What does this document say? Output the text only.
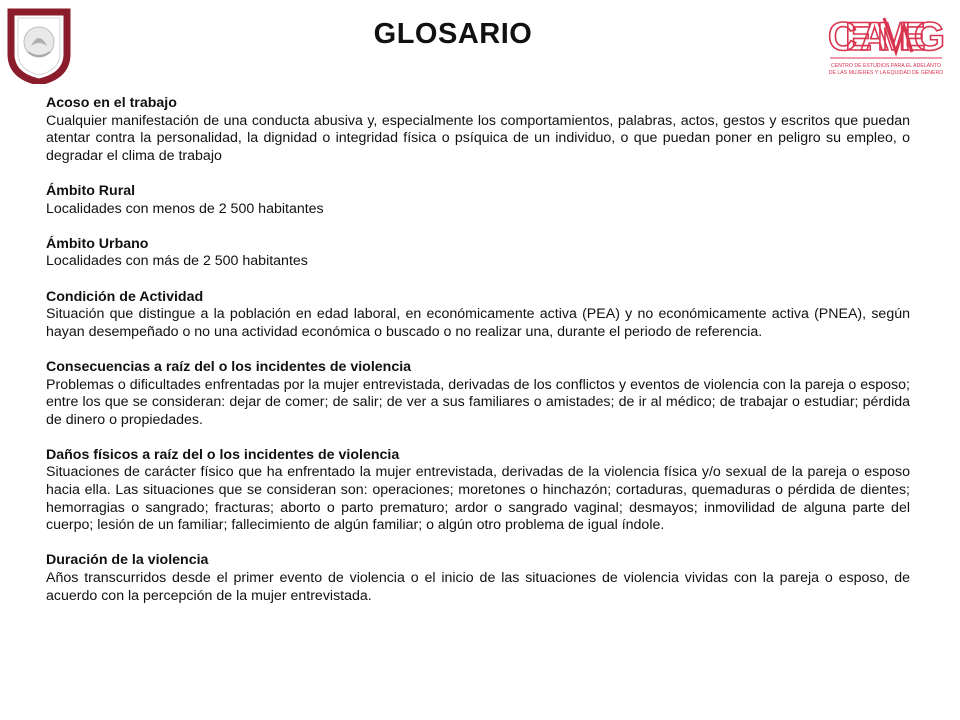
GLOSARIO	CEAMEG
CENTRO DE ESTUDIOS PARA EL ADELANTO
DE LAS MUJERES Y LA EQUIDAD DE GÉNERO
Acoso en el trabajo
Cualquier manifestación de una conducta abusiva y, especialmente los comportamientos, palabras, actos, gestos y escritos que puedan atentar contra la personalidad, la dignidad o integridad física o psíquica de un individuo, o que puedan poner en peligro su empleo, o degradar el clima de trabajo
Ámbito Rural
Localidades con menos de 2 500 habitantes
Ámbito Urbano
Localidades con más de 2 500 habitantes
Condición de Actividad
Situación que distingue a la población en edad laboral, en económicamente activa (PEA) y no económicamente activa (PNEA), según hayan desempeñado o no una actividad económica o buscado o no realizar una, durante el periodo de referencia.
Consecuencias a raíz del o los incidentes de violencia
Problemas o dificultades enfrentadas por la mujer entrevistada, derivadas de los conflictos y eventos de violencia con la pareja o esposo; entre los que se consideran: dejar de comer; de salir; de ver a sus familiares o amistades; de ir al médico; de trabajar o estudiar; pérdida de dinero o propiedades.
Daños físicos a raíz del o los incidentes de violencia
Situaciones de carácter físico que ha enfrentado la mujer entrevistada, derivadas de la violencia física y/o sexual de la pareja o esposo hacia ella. Las situaciones que se consideran son: operaciones; moretones o hinchazón; cortaduras, quemaduras o pérdida de dientes; hemorragias o sangrado; fracturas; aborto o parto prematuro; ardor o sangrado vaginal; desmayos; inmovilidad de alguna parte del cuerpo; lesión de un familiar; fallecimiento de algún familiar; o algún otro problema de igual índole.
Duración de la violencia
Años transcurridos desde el primer evento de violencia o el inicio de las situaciones de violencia vividas con la pareja o esposo, de acuerdo con la percepción de la mujer entrevistada.
